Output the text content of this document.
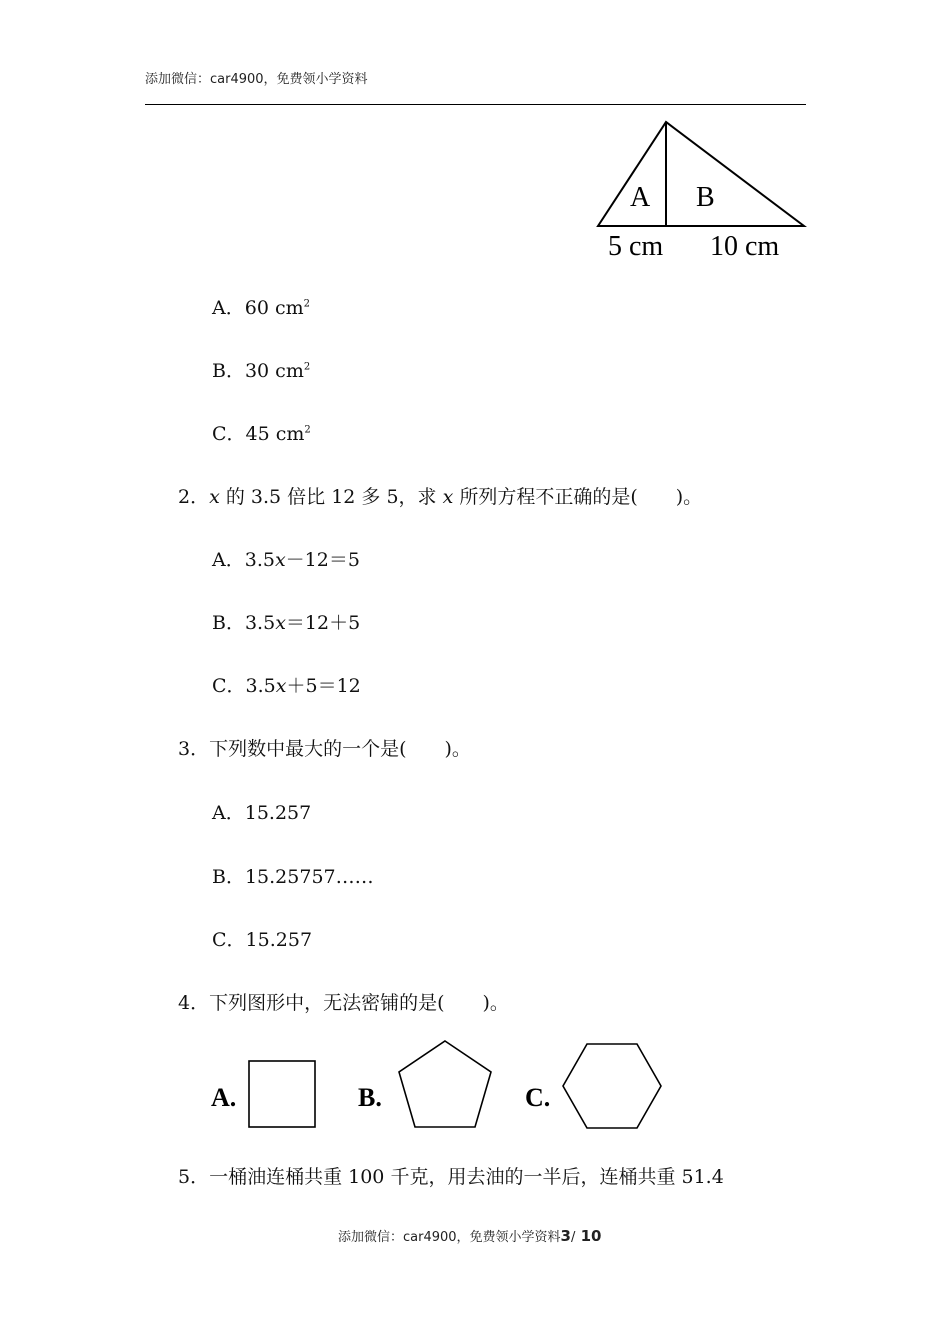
添加微信：car4900，免费领小学资料
A B
5 cm 10 cm
A．60 $cm^2$
B．30 $cm^2$
C．45 $cm^2$
2．x 的 3.5 倍比 12 多 5，求 x 所列方程不正确的是(　　)。
A．3.5x－12＝5
B．3.5x＝12＋5
C．3.5x＋5＝12
3．下列数中最大的一个是(　　)。
A．15.257
B．15.25757……
C．15.257
4．下列图形中，无法密铺的是(　　)。
A.	B.	C.
5．一桶油连桶共重 100 千克，用去油的一半后，连桶共重 51.4
添加微信：car4900，免费领小学资料3/ 10
